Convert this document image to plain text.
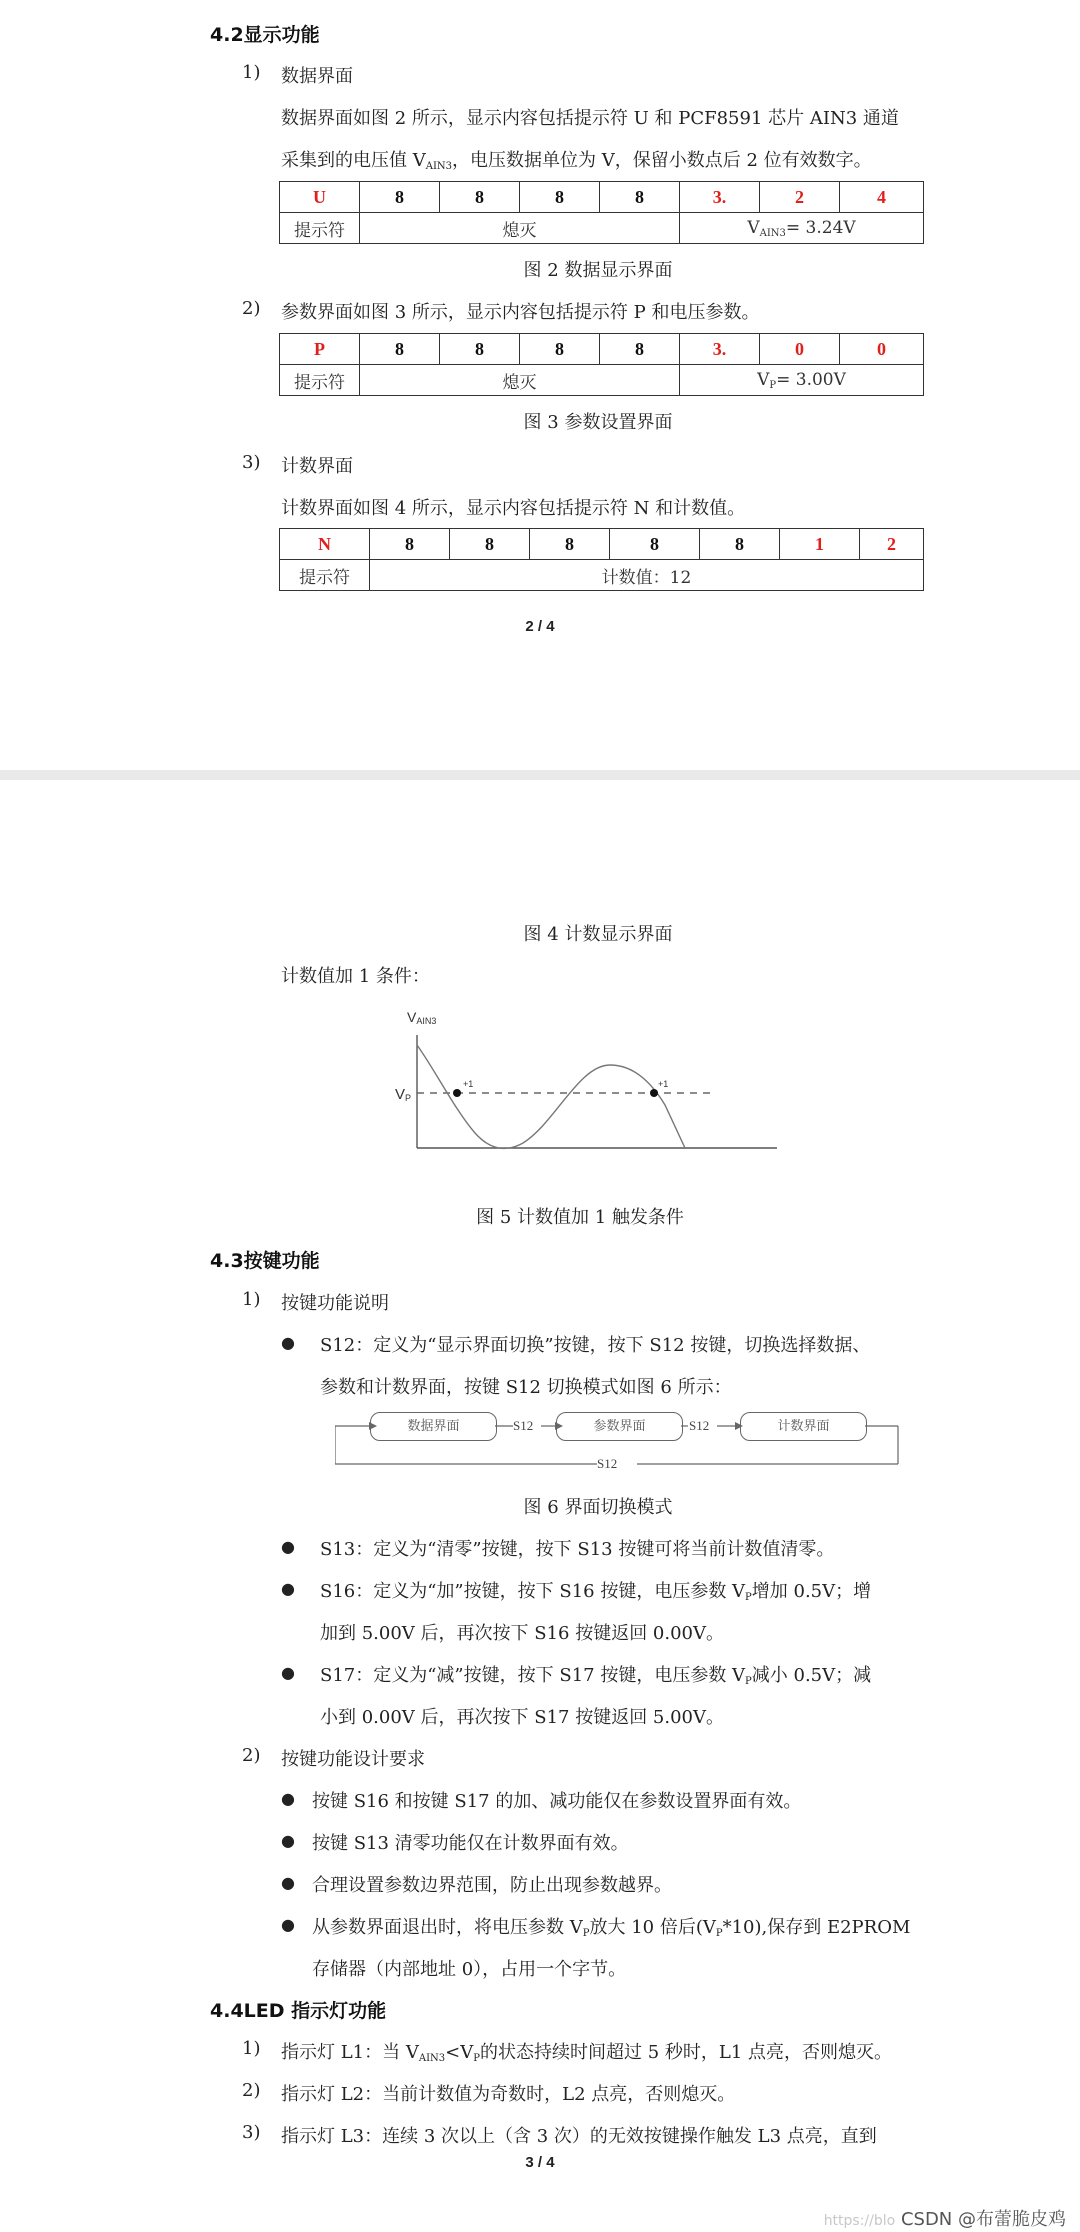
4.2显示功能
1) 数据界面
数据界面如图 2 所示，显示内容包括提示符 U 和 PCF8591 芯片 AIN3 通道
采集到的电压值 VAIN3，电压数据单位为 V，保留小数点后 2 位有效数字。
U	8	8	8	8	3.	2	4
提示符	熄灭				VAIN3= 3.24V		
图 2 数据显示界面
2) 参数界面如图 3 所示，显示内容包括提示符 P 和电压参数。
P	8	8	8	8	3.	0	0
提示符	熄灭				VP= 3.00V		
图 3 参数设置界面
3) 计数界面
计数界面如图 4 所示，显示内容包括提示符 N 和计数值。
N	8	8	8	8	8	1	2
提示符	计数值：12						
2 / 4
图 4 计数显示界面
计数值加 1 条件：
VAIN3
VP
+1	+1
图 5 计数值加 1 触发条件
4.3按键功能
1) 按键功能说明
● S12：定义为“显示界面切换”按键，按下 S12 按键，切换选择数据、
参数和计数界面，按键 S12 切换模式如图 6 所示：
数据界面	参数界面	计数界面
S12	S12
S12
图 6 界面切换模式
● S13：定义为“清零”按键，按下 S13 按键可将当前计数值清零。
● S16：定义为“加”按键，按下 S16 按键，电压参数 VP增加 0.5V；增
加到 5.00V 后，再次按下 S16 按键返回 0.00V。
● S17：定义为“减”按键，按下 S17 按键，电压参数 VP减小 0.5V；减
小到 0.00V 后，再次按下 S17 按键返回 5.00V。
2) 按键功能设计要求
● 按键 S16 和按键 S17 的加、减功能仅在参数设置界面有效。
● 按键 S13 清零功能仅在计数界面有效。
● 合理设置参数边界范围，防止出现参数越界。
● 从参数界面退出时，将电压参数 VP放大 10 倍后(VP*10),保存到 E2PROM
存储器（内部地址 0），占用一个字节。
4.4LED 指示灯功能
1) 指示灯 L1：当 VAIN3<VP的状态持续时间超过 5 秒时，L1 点亮，否则熄灭。
2) 指示灯 L2：当前计数值为奇数时，L2 点亮，否则熄灭。
3) 指示灯 L3：连续 3 次以上（含 3 次）的无效按键操作触发 L3 点亮，直到
3 / 4
https://blo CSDN @布蕾脆皮鸡
